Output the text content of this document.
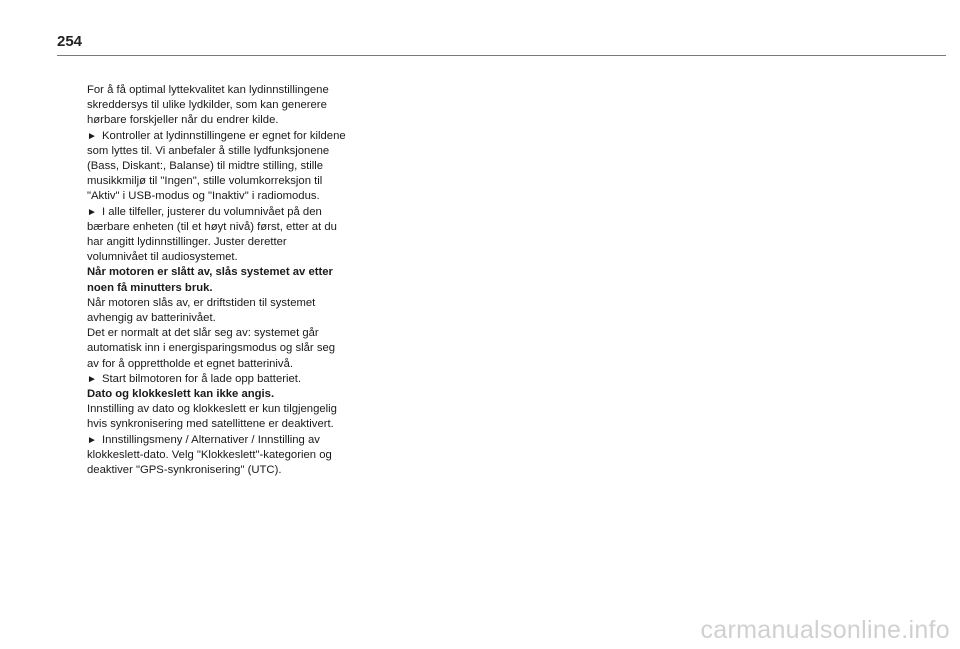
254

For å få optimal lyttekvalitet kan lydinnstillingene skreddersys til ulike lydkilder, som kan generere hørbare forskjeller når du endrer kilde.

► Kontroller at lydinnstillingene er egnet for kildene som lyttes til. Vi anbefaler å stille lydfunksjonene (Bass, Diskant:, Balanse) til midtre stilling, stille musikkmiljø til "Ingen", stille volumkorreksjon til "Aktiv" i USB-modus og "Inaktiv" i radiomodus.

► I alle tilfeller, justerer du volumnivået på den bærbare enheten (til et høyt nivå) først, etter at du har angitt lydinnstillinger. Juster deretter volumnivået til audiosystemet.

Når motoren er slått av, slås systemet av etter noen få minutters bruk.

Når motoren slås av, er driftstiden til systemet avhengig av batterinivået.

Det er normalt at det slår seg av: systemet går automatisk inn i energisparingsmodus og slår seg av for å opprettholde et egnet batterinivå.

► Start bilmotoren for å lade opp batteriet.

Dato og klokkeslett kan ikke angis.

Innstilling av dato og klokkeslett er kun tilgjengelig hvis synkronisering med satellittene er deaktivert.

► Innstillingsmeny / Alternativer / Innstilling av klokkeslett-dato. Velg "Klokkeslett"-kategorien og deaktiver "GPS-synkronisering" (UTC).

carmanualsonline.info
